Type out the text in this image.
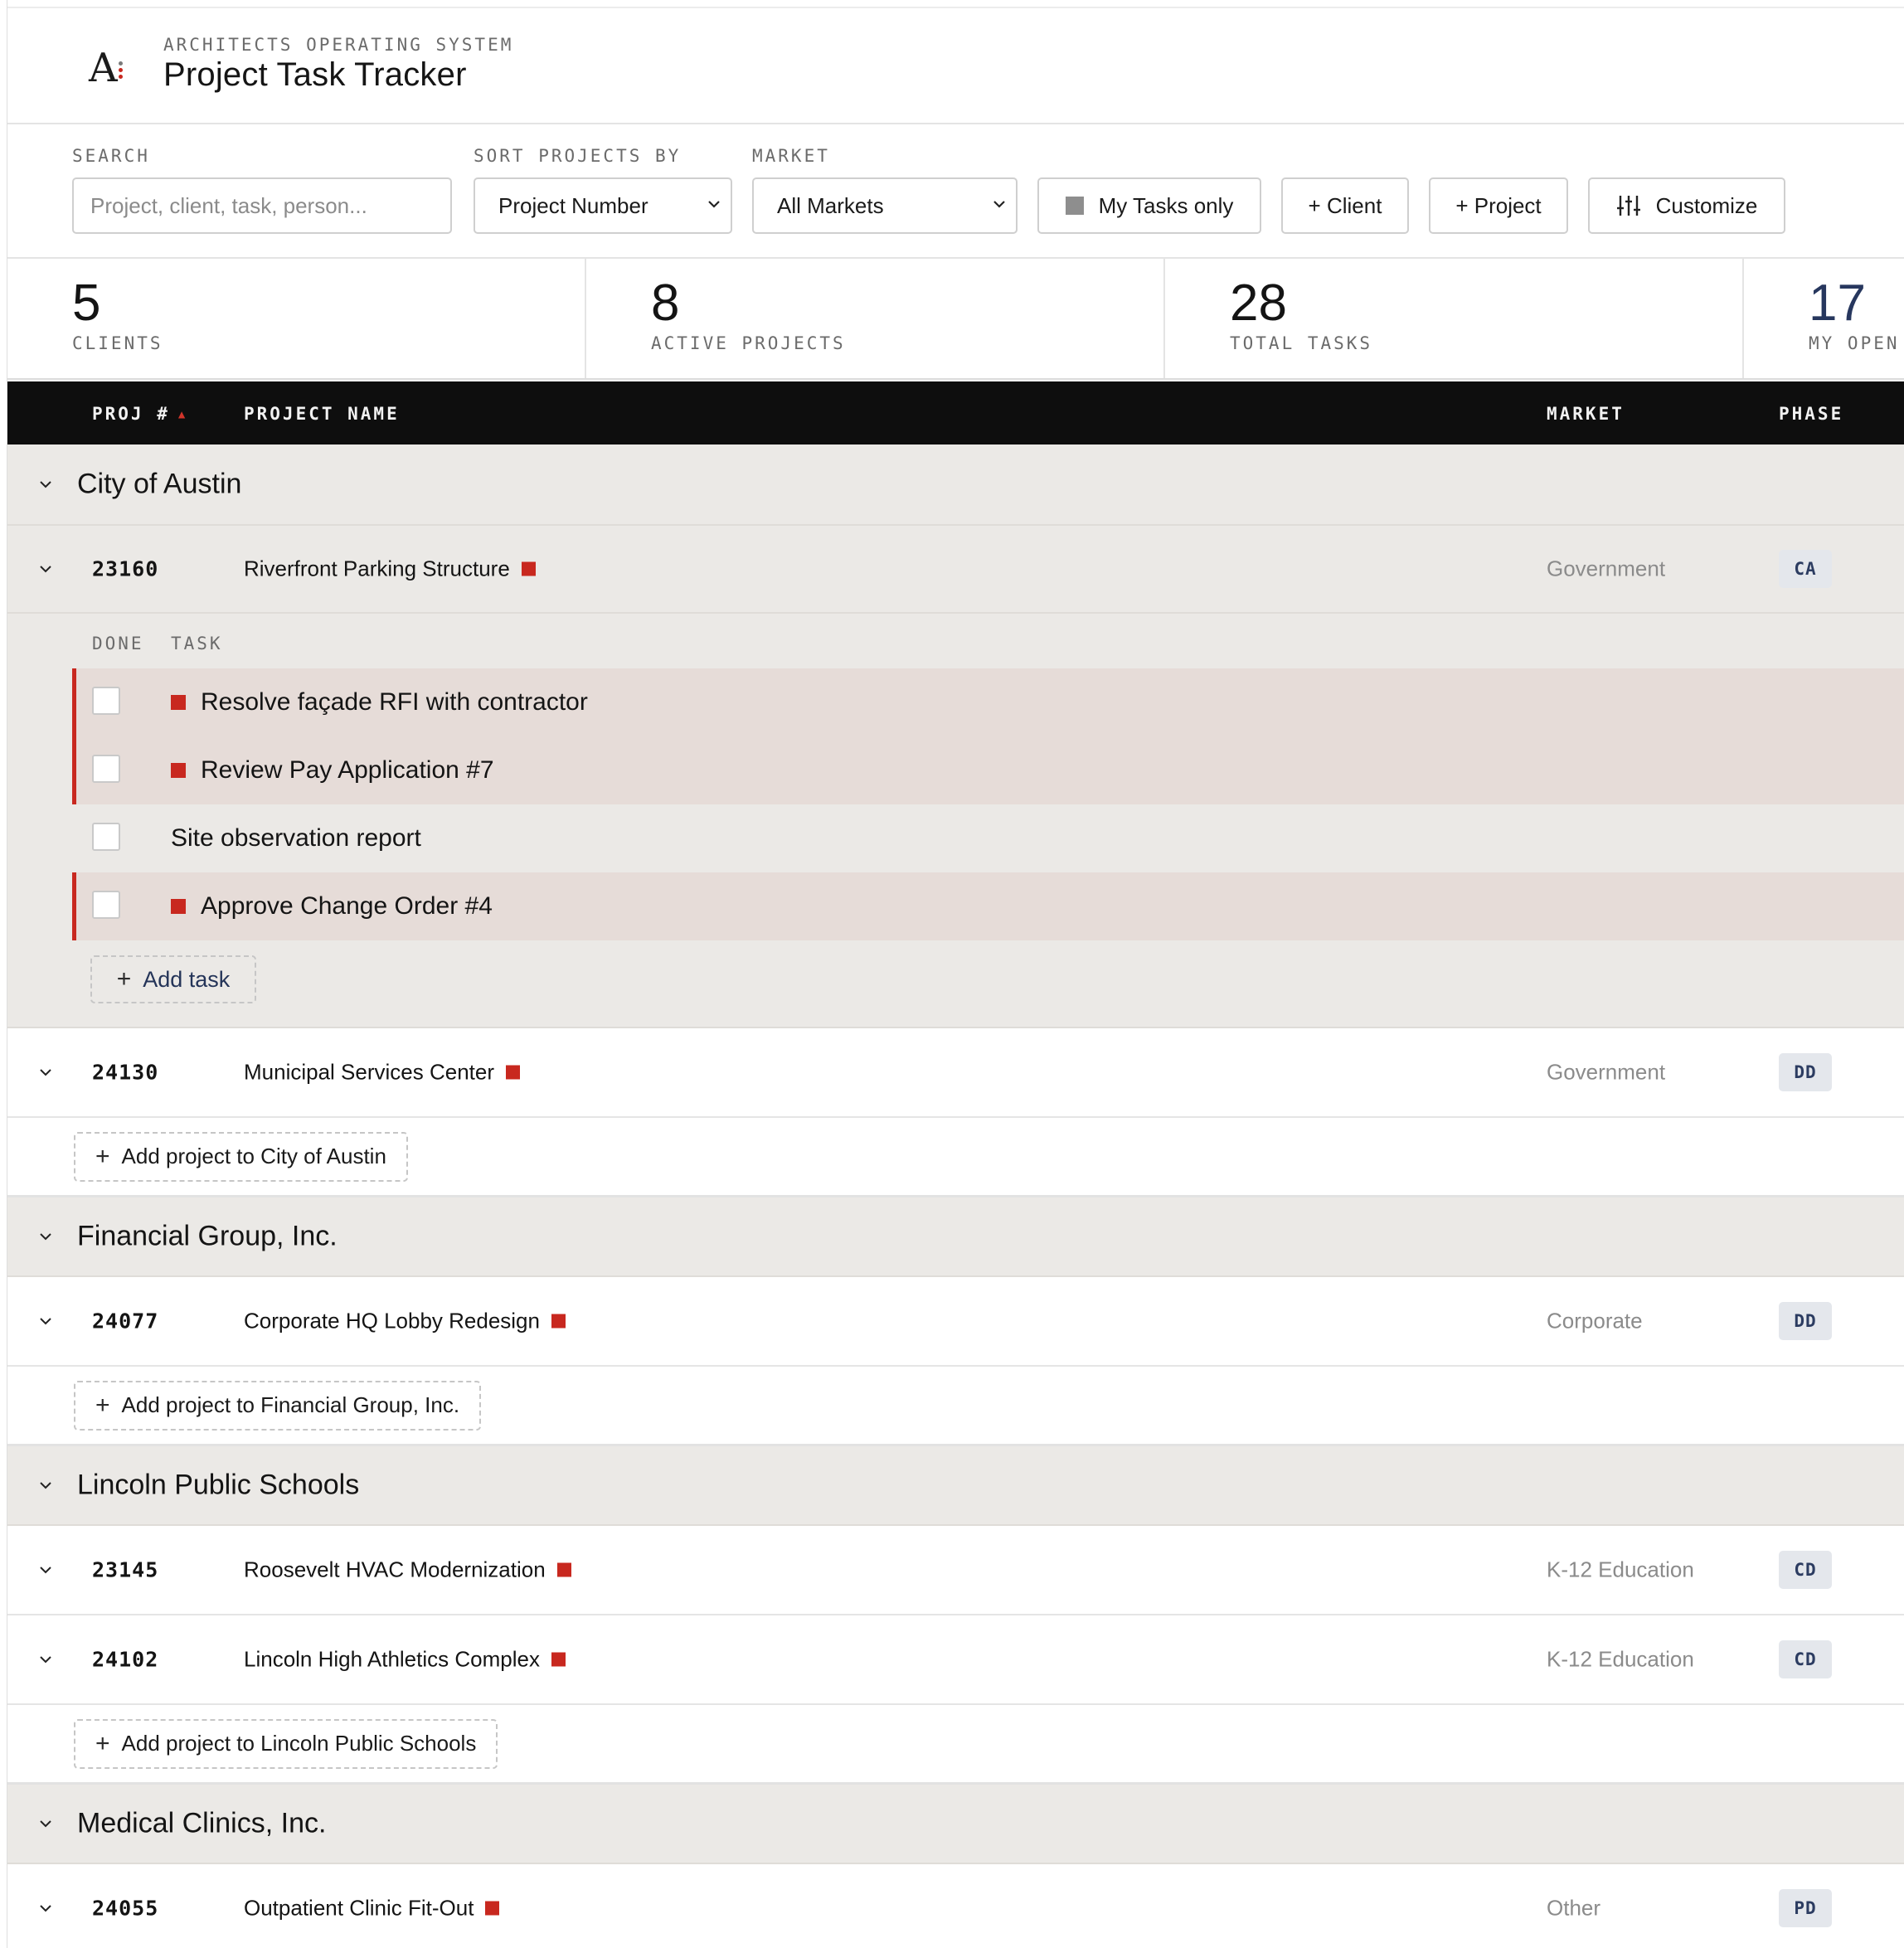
A	ARCHITECTS OPERATING SYSTEM
Project Task Tracker
SEARCH
Project, client, task, person...
SORT PROJECTS BY
Project Number
MARKET
All Markets	My Tasks only	+ Client	+ Project	Customize
5
CLIENTS
8
ACTIVE PROJECTS
28
TOTAL TASKS
17
MY OPEN
PROJ # ▲	PROJECT NAME	MARKET	PHASE
City of Austin
23160	Riverfront Parking Structure	Government	CA
DONE TASK
Resolve façade RFI with contractor
Review Pay Application #7
Site observation report
Approve Change Order #4
+ Add task
24130	Municipal Services Center	Government	DD
+ Add project to City of Austin
Financial Group, Inc.
24077	Corporate HQ Lobby Redesign	Corporate	DD
+ Add project to Financial Group, Inc.
Lincoln Public Schools
23145	Roosevelt HVAC Modernization	K-12 Education	CD
24102	Lincoln High Athletics Complex	K-12 Education	CD
+ Add project to Lincoln Public Schools
Medical Clinics, Inc.
24055	Outpatient Clinic Fit-Out	Other	PD
